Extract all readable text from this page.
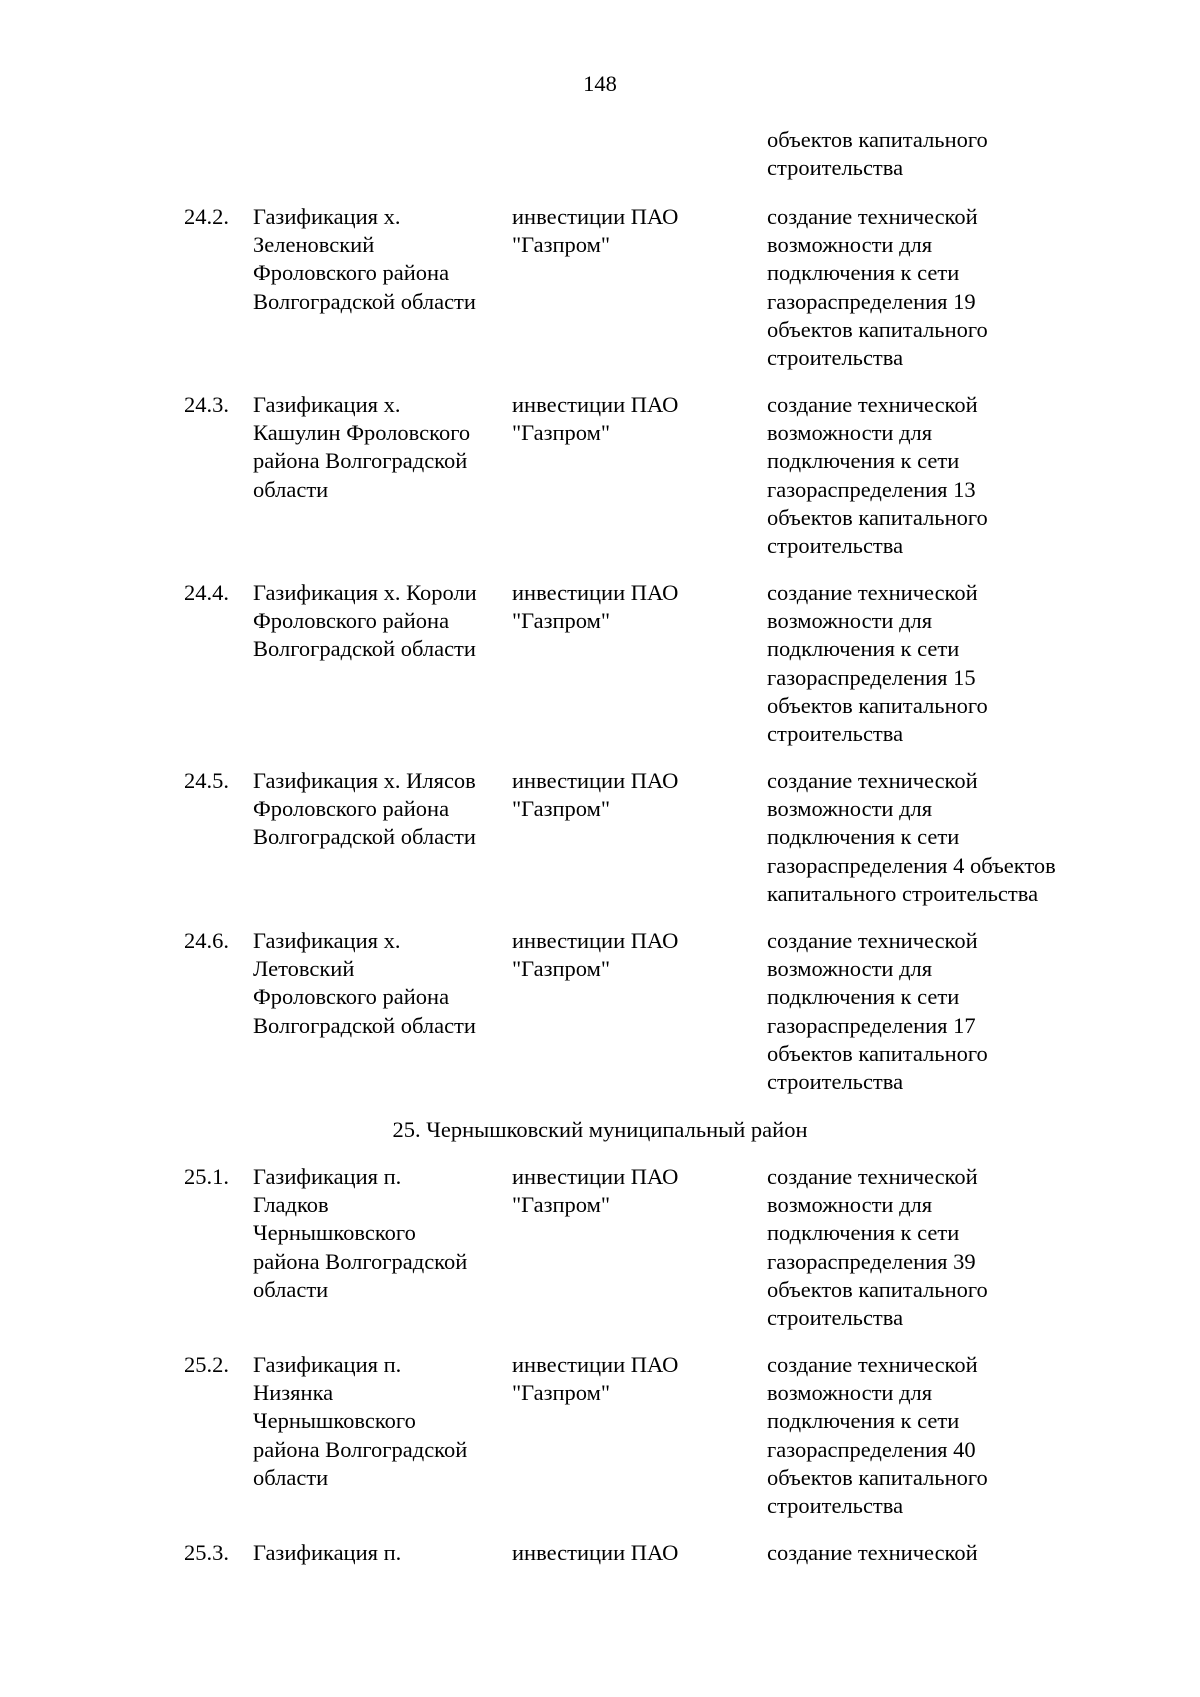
148
объектов капитального
строительства
24.2. Газификация х.
Зеленовский
Фроловского района
Волгоградской области
инвестиции ПАО
"Газпром"
создание технической
возможности для
подключения к сети
газораспределения 19
объектов капитального
строительства
24.3. Газификация х.
Кашулин Фроловского
района Волгоградской
области
инвестиции ПАО
"Газпром"
создание технической
возможности для
подключения к сети
газораспределения 13
объектов капитального
строительства
24.4. Газификация х. Короли
Фроловского района
Волгоградской области
инвестиции ПАО
"Газпром"
создание технической
возможности для
подключения к сети
газораспределения 15
объектов капитального
строительства
24.5. Газификация х. Илясов
Фроловского района
Волгоградской области
инвестиции ПАО
"Газпром"
создание технической
возможности для
подключения к сети
газораспределения 4 объектов
капитального строительства
24.6. Газификация х.
Летовский
Фроловского района
Волгоградской области
инвестиции ПАО
"Газпром"
создание технической
возможности для
подключения к сети
газораспределения 17
объектов капитального
строительства
25. Чернышковский муниципальный район
25.1. Газификация п.
Гладков
Чернышковского
района Волгоградской
области
инвестиции ПАО
"Газпром"
создание технической
возможности для
подключения к сети
газораспределения 39
объектов капитального
строительства
25.2. Газификация п.
Низянка
Чернышковского
района Волгоградской
области
инвестиции ПАО
"Газпром"
создание технической
возможности для
подключения к сети
газораспределения 40
объектов капитального
строительства
25.3. Газификация п.	инвестиции ПАО	создание технической
